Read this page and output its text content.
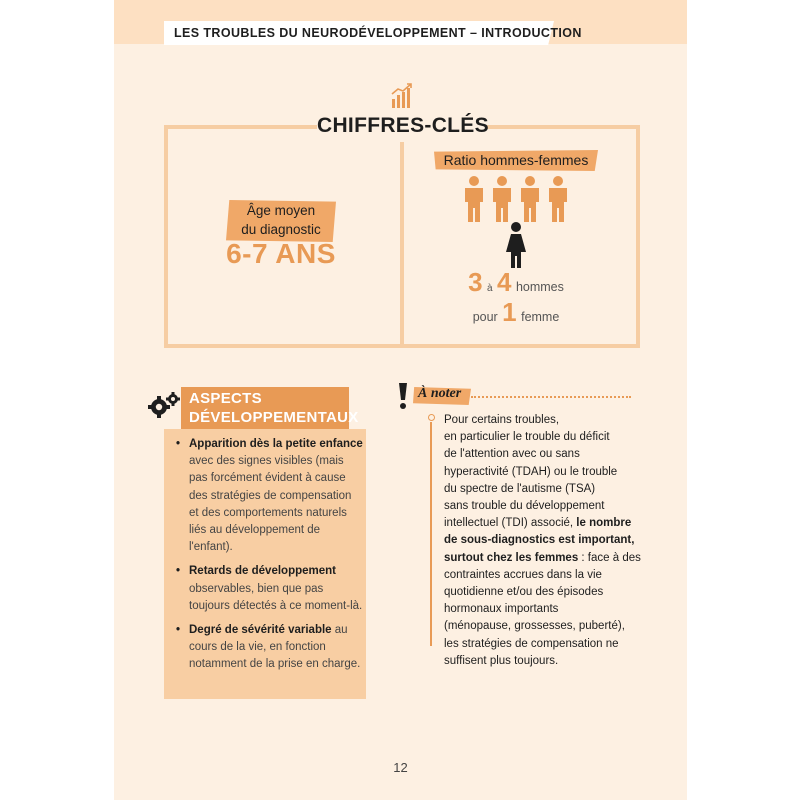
LES TROUBLES DU NEURODÉVELOPPEMENT – INTRODUCTION
CHIFFRES-CLÉS
Âge moyen
du diagnostic
6-7 ANS
Ratio hommes-femmes
3 à 4 hommes
pour 1 femme
ASPECTS
DÉVELOPPEMENTAUX
• Apparition dès la petite enfance avec des signes visibles (mais pas forcément évident à cause des stratégies de compensation et des comportements naturels liés au développement de l'enfant).
• Retards de développement observables, bien que pas toujours détectés à ce moment-là.
• Degré de sévérité variable au cours de la vie, en fonction notamment de la prise en charge.
À noter
Pour certains troubles,
en particulier le trouble du déficit
de l'attention avec ou sans
hyperactivité (TDAH) ou le trouble
du spectre de l'autisme (TSA)
sans trouble du développement
intellectuel (TDI) associé, le nombre
de sous-diagnostics est important,
surtout chez les femmes : face à des
contraintes accrues dans la vie
quotidienne et/ou des épisodes
hormonaux importants
(ménopause, grossesses, puberté),
les stratégies de compensation ne
suffisent plus toujours.
12
